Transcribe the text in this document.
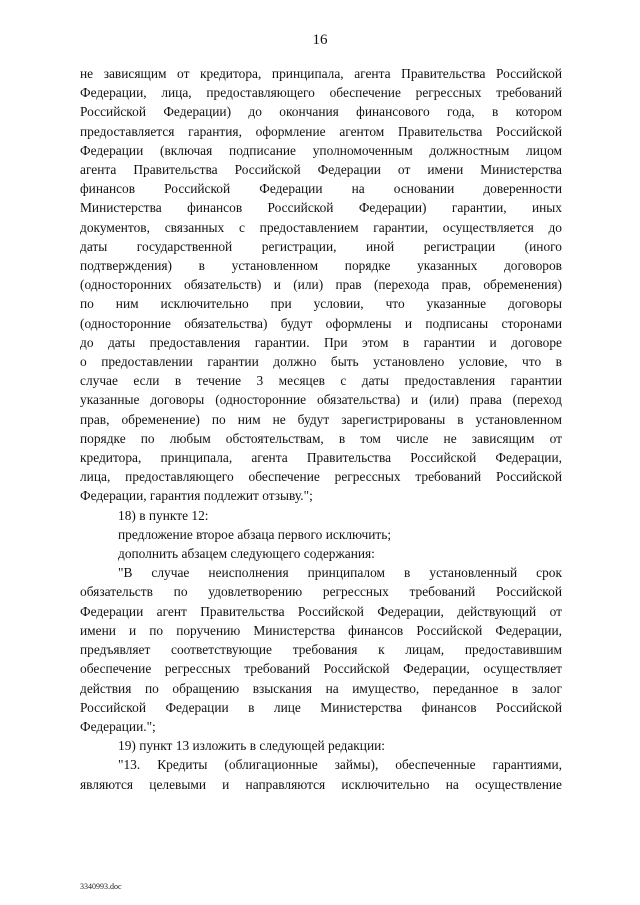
16

не зависящим от кредитора, принципала, агента Правительства Российской

Федерации, лица, предоставляющего обеспечение регрессных требований

Российской Федерации) до окончания финансового года, в котором

предоставляется гарантия, оформление агентом Правительства Российской

Федерации (включая подписание уполномоченным должностным лицом

агента Правительства Российской Федерации от имени Министерства

финансов Российской Федерации на основании доверенности

Министерства финансов Российской Федерации) гарантии, иных

документов, связанных с предоставлением гарантии, осуществляется до

даты государственной регистрации, иной регистрации (иного

подтверждения) в установленном порядке указанных договоров

(односторонних обязательств) и (или) прав (перехода прав, обременения)

по ним исключительно при условии, что указанные договоры

(односторонние обязательства) будут оформлены и подписаны сторонами

до даты предоставления гарантии. При этом в гарантии и договоре

о предоставлении гарантии должно быть установлено условие, что в

случае если в течение 3 месяцев с даты предоставления гарантии

указанные договоры (односторонние обязательства) и (или) права (переход

прав, обременение) по ним не будут зарегистрированы в установленном

порядке по любым обстоятельствам, в том числе не зависящим от

кредитора, принципала, агента Правительства Российской Федерации,

лица, предоставляющего обеспечение регрессных требований Российской

Федерации, гарантия подлежит отзыву.";

18) в пункте 12:

предложение второе абзаца первого исключить;

дополнить абзацем следующего содержания:

"В случае неисполнения принципалом в установленный срок

обязательств по удовлетворению регрессных требований Российской

Федерации агент Правительства Российской Федерации, действующий от

имени и по поручению Министерства финансов Российской Федерации,

предъявляет соответствующие требования к лицам, предоставившим

обеспечение регрессных требований Российской Федерации, осуществляет

действия по обращению взыскания на имущество, переданное в залог

Российской Федерации в лице Министерства финансов Российской

Федерации.";

19) пункт 13 изложить в следующей редакции:

"13. Кредиты (облигационные займы), обеспеченные гарантиями,

являются целевыми и направляются исключительно на осуществление

3340993.doc
